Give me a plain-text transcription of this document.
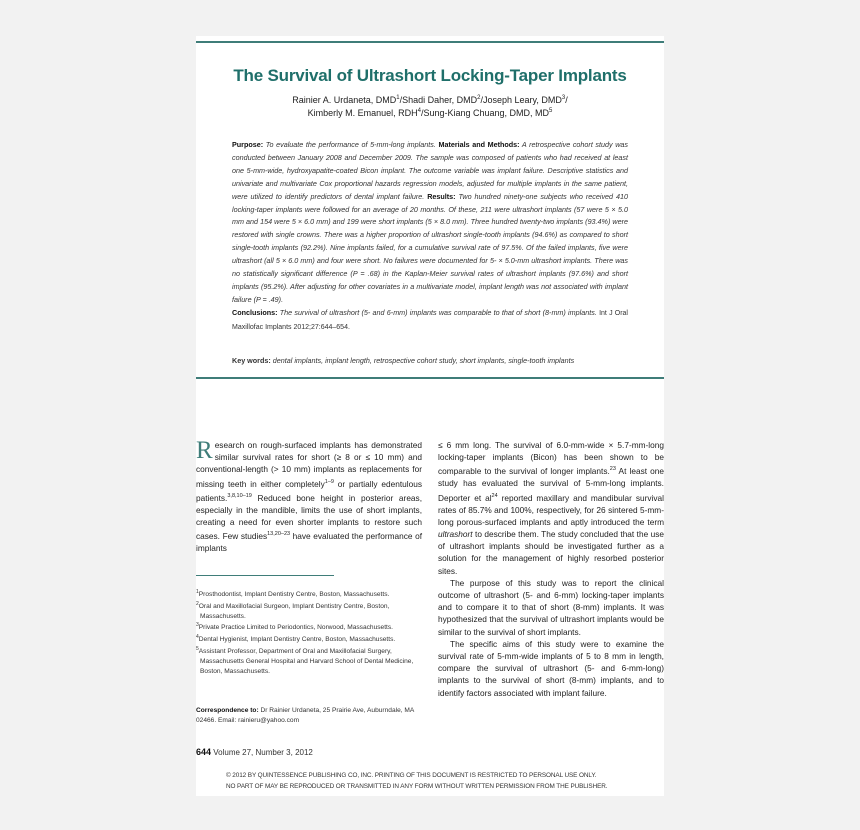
The Survival of Ultrashort Locking-Taper Implants
Rainier A. Urdaneta, DMD$^1$/Shadi Daher, DMD$^2$/Joseph Leary, DMD$^3$/
Kimberly M. Emanuel, RDH$^4$/Sung-Kiang Chuang, DMD, $MD^5$
Purpose: To evaluate the performance of 5-mm-long implants. Materials and Methods: A retrospective cohort study was conducted between January 2008 and December 2009. The sample was composed of patients who had received at least one 5-mm-wide, hydroxyapatite-coated Bicon implant. The outcome variable was implant failure. Descriptive statistics and univariate and multivariate Cox proportional hazards regression models, adjusted for multiple implants in the same patient, were utilized to identify predictors of dental implant failure. Results: Two hundred ninety-one subjects who received 410 locking-taper implants were followed for an average of 20 months. Of these, 211 were ultrashort implants (57 were 5 × 5.0 mm and 154 were 5 × 6.0 mm) and 199 were short implants (5 × 8.0 mm). Three hundred twenty-two implants (93.4%) were restored with single crowns. There was a higher proportion of ultrashort single-tooth implants (94.6%) as compared to short single-tooth implants (92.2%). Nine implants failed, for a cumulative survival rate of 97.5%. Of the failed implants, five were ultrashort (all 5 × 6.0 mm) and four were short. No failures were documented for 5- × 5.0-mm ultrashort implants. There was no statistically significant difference (P = .68) in the Kaplan-Meier survival rates of ultrashort implants (97.6%) and short implants (95.2%). After adjusting for other covariates in a multivariate model, implant length was not associated with implant failure (P = .49).
Conclusions: The survival of ultrashort (5- and 6-mm) implants was comparable to that of short (8-mm) implants. Int J Oral Maxillofac Implants 2012;27:644–654.
Key words: dental implants, implant length, retrospective cohort study, short implants, single-tooth implants

Research on rough-surfaced implants has demonstrated similar survival rates for short (≥ 8 or ≤ 10 mm) and conventional-length (> 10 mm) implants as replacements for missing teeth in either completely$^{1-9}$ or partially edentulous patients.$^{3,8,10-19}$ Reduced bone height in posterior areas, especially in the mandible, limits the use of short implants, creating a need for even shorter implants to restore such cases. Few studies$^{13,20-23}$ have evaluated the performance of implants

$^1$Prosthodontist, Implant Dentistry Centre, Boston, Massachusetts.

$^2$Oral and Maxillofacial Surgeon, Implant Dentistry Centre, Boston, Massachusetts.

$^3$Private Practice Limited to Periodontics, Norwood, Massachusetts.

$^4$Dental Hygienist, Implant Dentistry Centre, Boston, Massachusetts.

$^5$Assistant Professor, Department of Oral and Maxillofacial Surgery, Massachusetts General Hospital and Harvard School of Dental Medicine, Boston, Massachusetts.

Correspondence to: Dr Rainier Urdaneta, 25 Prairie Ave, Auburndale, MA 02466. Email: rainieru@yahoo.com

≤ 6 mm long. The survival of 6.0-mm-wide × 5.7-mm-long locking-taper implants (Bicon) has been shown to be comparable to the survival of longer implants.$^{23}$ At least one study has evaluated the survival of 5-mm-long implants. Deporter et $al^{24}$ reported maxillary and mandibular survival rates of 85.7% and 100%, respectively, for 26 sintered 5-mm-long porous-surfaced implants and aptly introduced the term ultrashort to describe them. The study concluded that the use of ultrashort implants should be investigated further as a solution for the management of highly resorbed posterior sites.

The purpose of this study was to report the clinical outcome of ultrashort (5- and 6-mm) locking-taper implants and to compare it to that of short (8-mm) implants. It was hypothesized that the survival of ultrashort implants would be similar to the survival of short implants.

The specific aims of this study were to examine the survival rate of 5-mm-wide implants of 5 to 8 mm in length, compare the survival of ultrashort (5- and 6-mm-long) implants to the survival of short (8-mm) implants, and to identify factors associated with implant failure.

644 Volume 27, Number 3, 2012
© 2012 BY QUINTESSENCE PUBLISHING CO, INC. PRINTING OF THIS DOCUMENT IS RESTRICTED TO PERSONAL USE ONLY.
NO PART OF MAY BE REPRODUCED OR TRANSMITTED IN ANY FORM WITHOUT WRITTEN PERMISSION FROM THE PUBLISHER.
